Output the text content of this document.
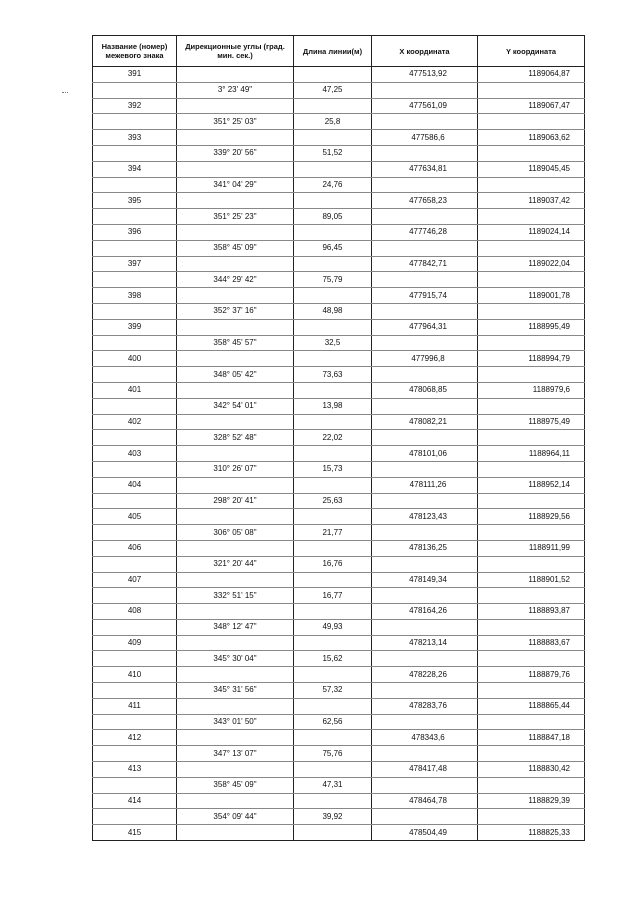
Название (номер) межевого знака	Дирекционные углы (град. мин. сек.)	Длина линии(м)	X координата	Y координата
391			477513,92	1189064,87
	3° 23' 49"	47,25		
392			477561,09	1189067,47
	351° 25' 03"	25,8		
393			477586,6	1189063,62
	339° 20' 56"	51,52		
394			477634,81	1189045,45
	341° 04' 29"	24,76		
395			477658,23	1189037,42
	351° 25' 23"	89,05		
396			477746,28	1189024,14
	358° 45' 09"	96,45		
397			477842,71	1189022,04
	344° 29' 42"	75,79		
398			477915,74	1189001,78
	352° 37' 16"	48,98		
399			477964,31	1188995,49
	358° 45' 57"	32,5		
400			477996,8	1188994,79
	348° 05' 42"	73,63		
401			478068,85	1188979,6
	342° 54' 01"	13,98		
402			478082,21	1188975,49
	328° 52' 48"	22,02		
403			478101,06	1188964,11
	310° 26' 07"	15,73		
404			478111,26	1188952,14
	298° 20' 41"	25,63		
405			478123,43	1188929,56
	306° 05' 08"	21,77		
406			478136,25	1188911,99
	321° 20' 44"	16,76		
407			478149,34	1188901,52
	332° 51' 15"	16,77		
408			478164,26	1188893,87
	348° 12' 47"	49,93		
409			478213,14	1188883,67
	345° 30' 04"	15,62		
410			478228,26	1188879,76
	345° 31' 56"	57,32		
411			478283,76	1188865,44
	343° 01' 50"	62,56		
412			478343,6	1188847,18
	347° 13' 07"	75,76		
413			478417,48	1188830,42
	358° 45' 09"	47,31		
414			478464,78	1188829,39
	354° 09' 44"	39,92		
415			478504,49	1188825,33
